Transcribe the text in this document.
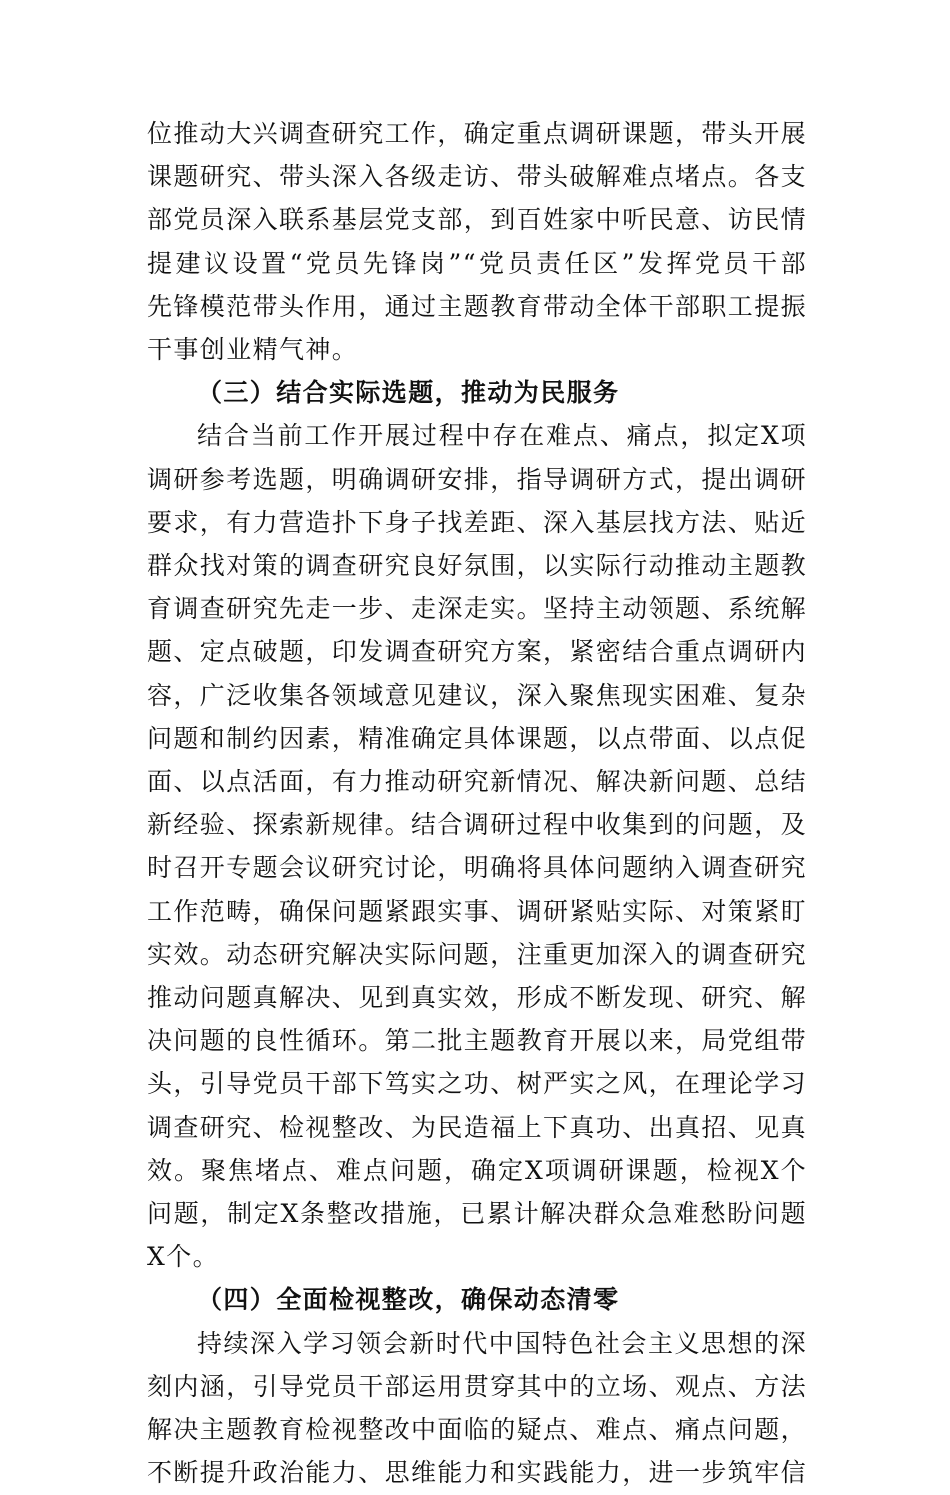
位推动大兴调查研究工作，确定重点调研课题，带头开展
课题研究、带头深入各级走访、带头破解难点堵点。各支
部党员深入联系基层党支部，到百姓家中听民意、访民情
提建议设置“党员先锋岗”“党员责任区”发挥党员干部
先锋模范带头作用，通过主题教育带动全体干部职工提振
干事创业精气神。
（三）结合实际选题，推动为民服务
结合当前工作开展过程中存在难点、痛点，拟定X项
调研参考选题，明确调研安排，指导调研方式，提出调研
要求，有力营造扑下身子找差距、深入基层找方法、贴近
群众找对策的调查研究良好氛围，以实际行动推动主题教
育调查研究先走一步、走深走实。坚持主动领题、系统解
题、定点破题，印发调查研究方案，紧密结合重点调研内
容，广泛收集各领域意见建议，深入聚焦现实困难、复杂
问题和制约因素，精准确定具体课题，以点带面、以点促
面、以点活面，有力推动研究新情况、解决新问题、总结
新经验、探索新规律。结合调研过程中收集到的问题，及
时召开专题会议研究讨论，明确将具体问题纳入调查研究
工作范畴，确保问题紧跟实事、调研紧贴实际、对策紧盯
实效。动态研究解决实际问题，注重更加深入的调查研究
推动问题真解决、见到真实效，形成不断发现、研究、解
决问题的良性循环。第二批主题教育开展以来，局党组带
头，引导党员干部下笃实之功、树严实之风，在理论学习
调查研究、检视整改、为民造福上下真功、出真招、见真
效。聚焦堵点、难点问题，确定X项调研课题，检视X个
问题，制定X条整改措施，已累计解决群众急难愁盼问题
X个。
（四）全面检视整改，确保动态清零
持续深入学习领会新时代中国特色社会主义思想的深
刻内涵，引导党员干部运用贯穿其中的立场、观点、方法
解决主题教育检视整改中面临的疑点、难点、痛点问题，
不断提升政治能力、思维能力和实践能力，进一步筑牢信
